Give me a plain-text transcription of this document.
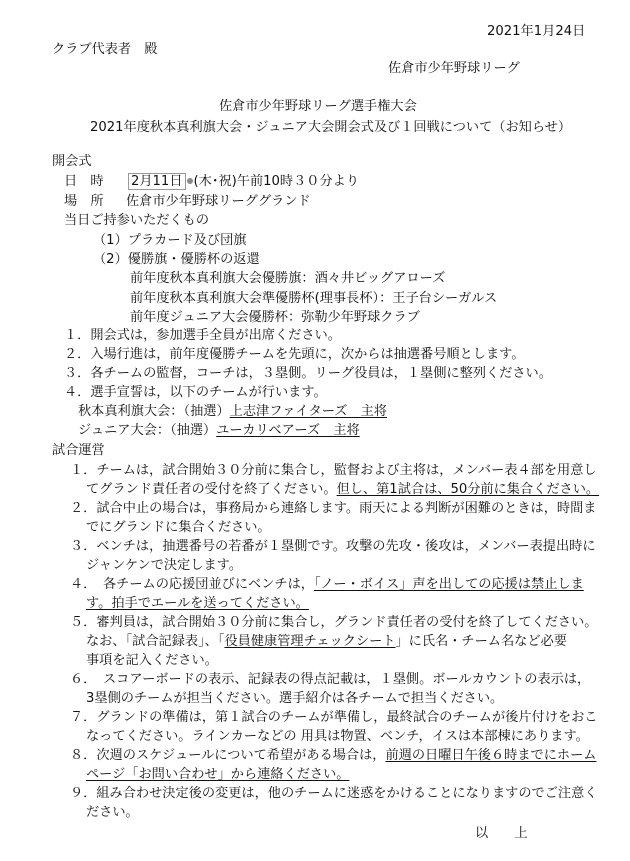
2021年1月24日
クラブ代表者　殿
佐倉市少年野球リーグ
佐倉市少年野球リーグ選手権大会
2021年度秋本真利旗大会・ジュニア大会開会式及び１回戦について（お知らせ）
開会式
日　時 2月11日 (木･祝)午前10時３０分より
場　所 佐倉市少年野球リーググランド
当日ご持参いただくもの
（1）プラカード及び団旗
（2）優勝旗・優勝杯の返還
前年度秋本真利旗大会優勝旗：酒々井ビッグアローズ
前年度秋本真利旗大会準優勝杯(理事長杯）：王子台シーガルス
前年度ジュニア大会優勝杯：弥勒少年野球クラブ
１．開会式は，参加選手全員が出席ください。
２．入場行進は，前年度優勝チームを先頭に，次からは抽選番号順とします。
３．各チームの監督，コーチは，３塁側。リーグ役員は，１塁側に整列ください。
４．選手宣誓は，以下のチームが行います。
秋本真利旗大会：（抽選）上志津ファイターズ　主将
ジュニア大会：（抽選）ユーカリベアーズ　主将
試合運営
１．チームは，試合開始３０分前に集合し，監督および主将は，メンバー表４部を用意し
てグランド責任者の受付を終了ください。但し、第1試合は、50分前に集合ください。
２．試合中止の場合は，事務局から連絡します。雨天による判断が困難のときは，時間ま
でにグランドに集合ください。
３．ベンチは，抽選番号の若番が１塁側です。攻撃の先攻・後攻は，メンバー表提出時に
ジャンケンで決定します。
４．　各チームの応援団並びにベンチは，「ノー・ボイス」声を出しての応援は禁止しま
す。拍手でエールを送ってください。
５．審判員は，試合開始３０分前に集合し，グランド責任者の受付を終了してください。
なお、「試合記録表」、「役員健康管理チェックシート」に氏名・チーム名など必要
事項を記入ください。
６．　スコアーボードの表示、記録表の得点記載は，１塁側。ボールカウントの表示は，
3塁側のチームが担当ください。選手紹介は各チームで担当ください。
７．グランドの準備は，第１試合のチームが準備し，最終試合のチームが後片付けをおこ
なってください。ラインカーなどの 用具は物置、ベンチ，イスは本部棟にあります。
８．次週のスケジュールについて希望がある場合は，前週の日曜日午後６時までにホーム
ページ「お問い合わせ」から連絡ください。
９．組み合わせ決定後の変更は，他のチームに迷惑をかけることになりますのでご注意く
ださい。
以　　上
